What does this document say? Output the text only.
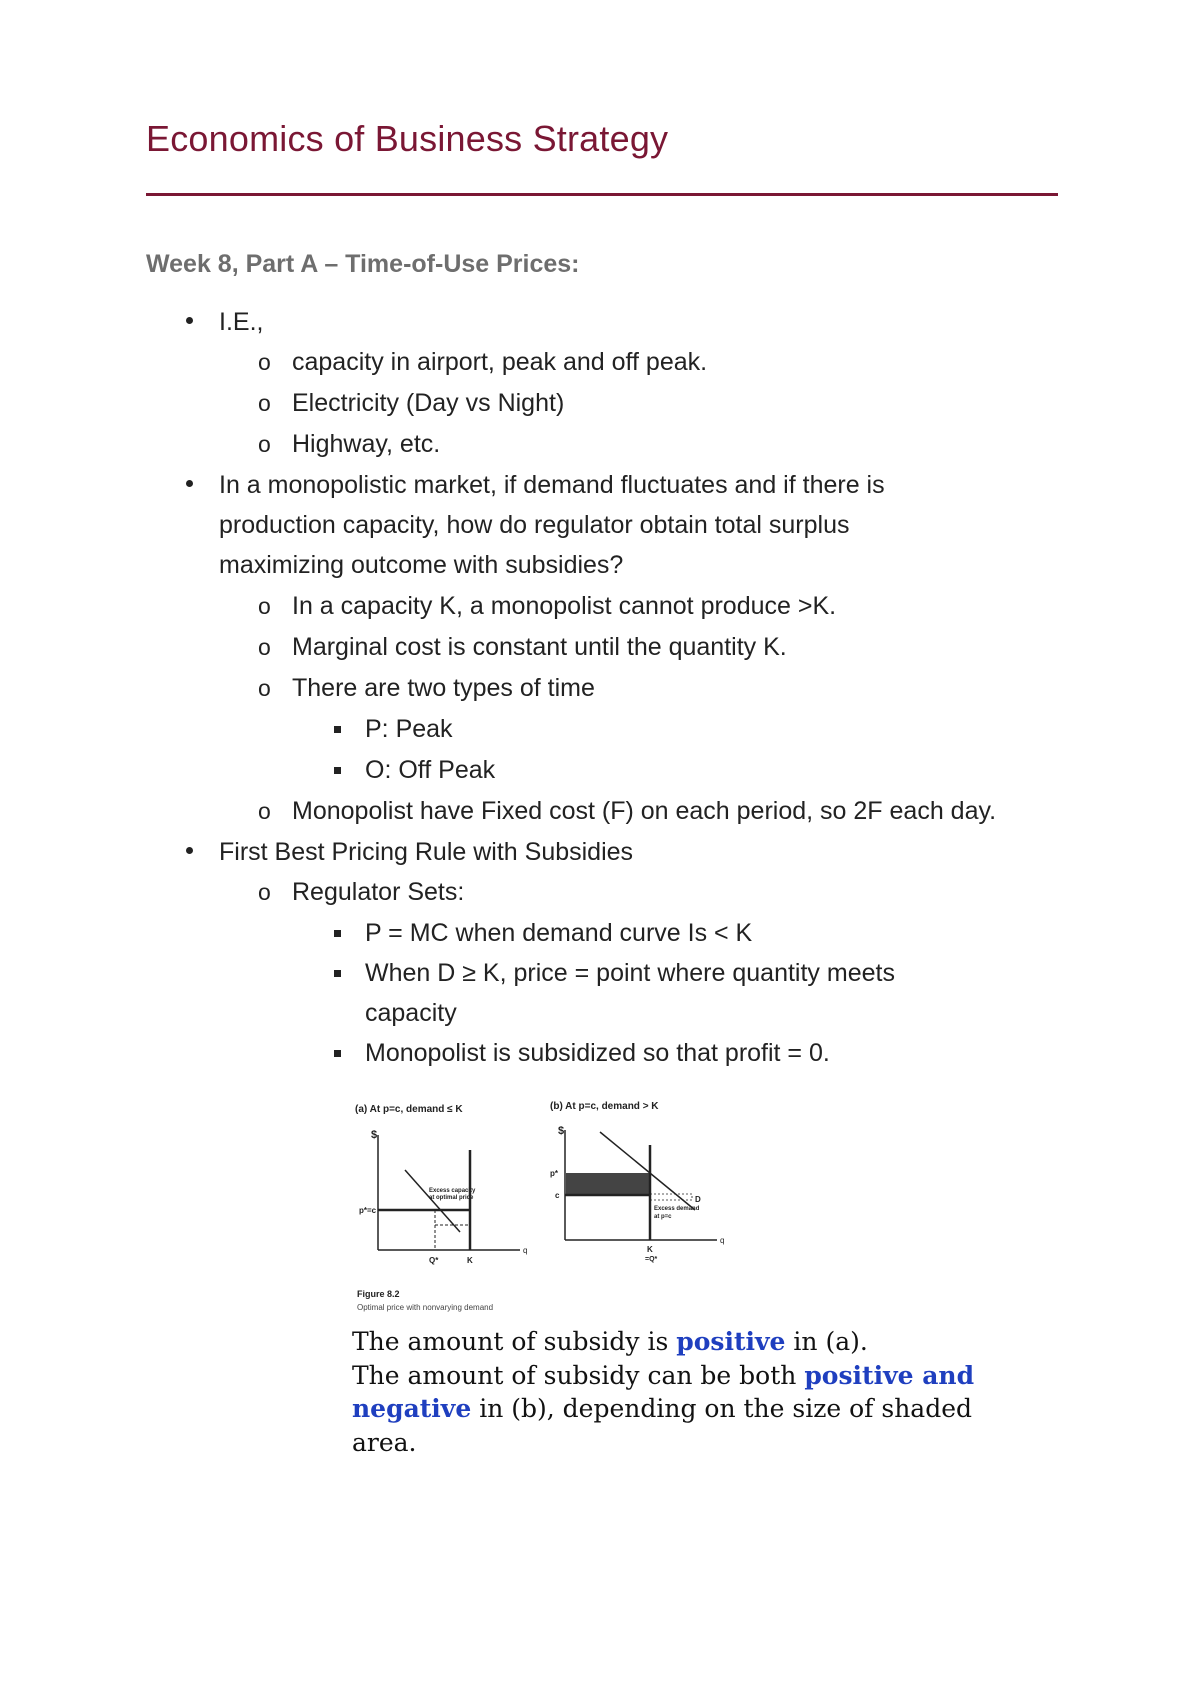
Economics of Business Strategy
Week 8, Part A – Time-of-Use Prices:
I.E.,
o capacity in airport, peak and off peak.
o Electricity (Day vs Night)
o Highway, etc.
In a monopolistic market, if demand fluctuates and if there is
production capacity, how do regulator obtain total surplus
maximizing outcome with subsidies?
o In a capacity K, a monopolist cannot produce >K.
o Marginal cost is constant until the quantity K.
o There are two types of time
P: Peak
O: Off Peak
o Monopolist have Fixed cost (F) on each period, so 2F each day.
First Best Pricing Rule with Subsidies
o Regulator Sets:
P = MC when demand curve Is < K
When D ≥ K, price = point where quantity meets
capacity
Monopolist is subsidized so that profit = 0.
(a) At p=c, demand ≤ K
$
p*=c
Excess capacity
at optimal price
Q*	K
q
(b) At p=c, demand > K
$
p*
c	D
Excess demand
at p=c
q
K
=Q*
Figure 8.2
Optimal price with nonvarying demand
The amount of subsidy is positive in (a).
The amount of subsidy can be both positive and
negative in (b), depending on the size of shaded
area.
